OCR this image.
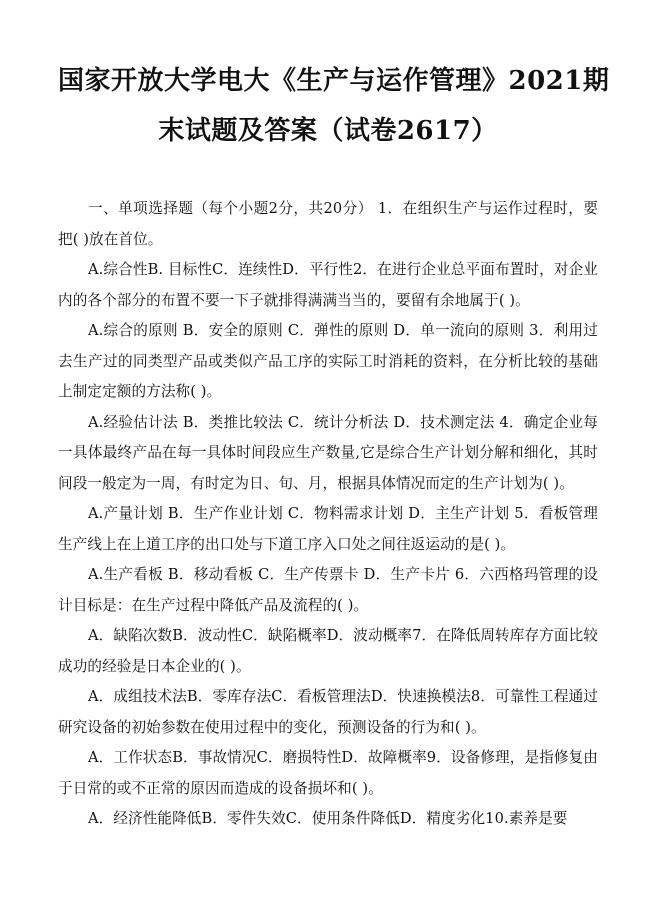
国家开放大学电大《生产与运作管理》2021期
末试题及答案（试卷2617）

一、单项选择题（每个小题2分，共20分） 1．在组织生产与运作过程时，要把( )放在首位。

A.综合性B. 目标性C．连续性D．平行性2．在进行企业总平面布置时，对企业内的各个部分的布置不要一下子就排得满满当当的，要留有余地属于( )。

A.综合的原则 B．安全的原则 C．弹性的原则 D．单一流向的原则 3．利用过去生产过的同类型产品或类似产品工序的实际工时消耗的资料，在分析比较的基础上制定定额的方法称( )。

A.经验估计法 B．类推比较法 C．统计分析法 D．技术测定法 4．确定企业每一具体最终产品在每一具体时间段应生产数量,它是综合生产计划分解和细化，其时间段一般定为一周，有时定为日、旬、月，根据具体情况而定的生产计划为( )。

A.产量计划 B．生产作业计划 C．物料需求计划 D．主生产计划 5．看板管理生产线上在上道工序的出口处与下道工序入口处之间往返运动的是( )。

A.生产看板 B．移动看板 C．生产传票卡 D．生产卡片 6．六西格玛管理的设计目标是：在生产过程中降低产品及流程的( )。

A．缺陷次数B．波动性C．缺陷概率D．波动概率7．在降低周转库存方面比较成功的经验是日本企业的( )。

A．成组技术法B．零库存法C．看板管理法D．快速换模法8．可靠性工程通过研究设备的初始参数在使用过程中的变化，预测设备的行为和( )。

A．工作状态B．事故情况C．磨损特性D．故障概率9．设备修理，是指修复由于日常的或不正常的原因而造成的设备损坏和( )。

A．经济性能降低B．零件失效C．使用条件降低D．精度劣化10.素养是要
